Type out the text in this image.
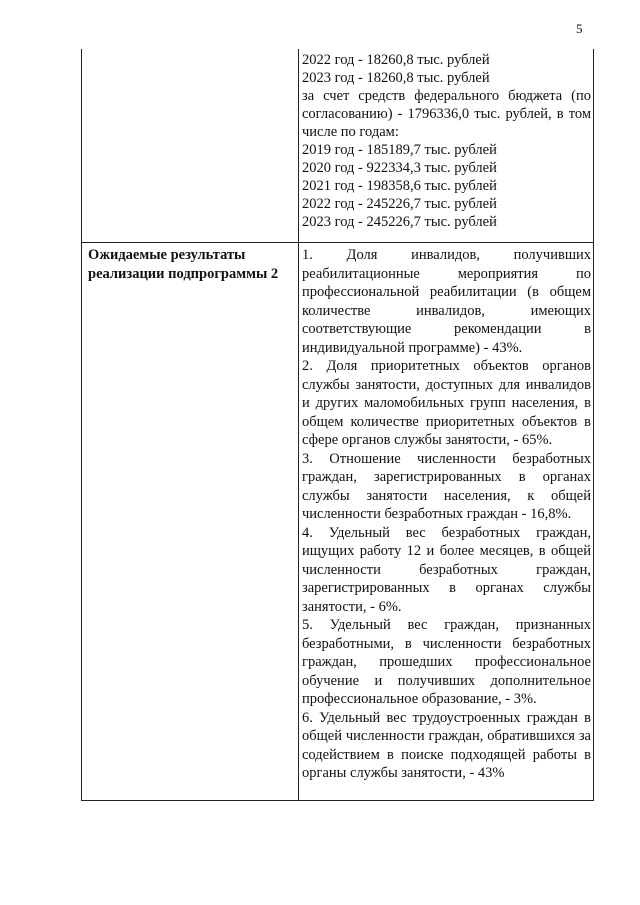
5
2022 год - 18260,8 тыс. рублей
2023 год - 18260,8 тыс. рублей
за счет средств федерального бюджета (по согласованию) - 1796336,0 тыс. рублей, в том числе по годам:
2019 год - 185189,7 тыс. рублей
2020 год - 922334,3 тыс. рублей
2021 год - 198358,6 тыс. рублей
2022 год - 245226,7 тыс. рублей
2023 год - 245226,7 тыс. рублей
Ожидаемые результаты реализации подпрограммы 2

1. Доля инвалидов, получивших реабилитационные мероприятия по профессиональной реабилитации (в общем количестве инвалидов, имеющих соответствующие рекомендации в индивидуальной программе) - 43%.

2. Доля приоритетных объектов органов службы занятости, доступных для инвалидов и других маломобильных групп населения, в общем количестве приоритетных объектов в сфере органов службы занятости, - 65%.

3. Отношение численности безработных граждан, зарегистрированных в органах службы занятости населения, к общей численности безработных граждан - 16,8%.

4. Удельный вес безработных граждан, ищущих работу 12 и более месяцев, в общей численности безработных граждан, зарегистрированных в органах службы занятости, - 6%.

5. Удельный вес граждан, признанных безработными, в численности безработных граждан, прошедших профессиональное обучение и получивших дополнительное профессиональное образование, - 3%.

6. Удельный вес трудоустроенных граждан в общей численности граждан, обратившихся за содействием в поиске подходящей работы в органы службы занятости, - 43%
